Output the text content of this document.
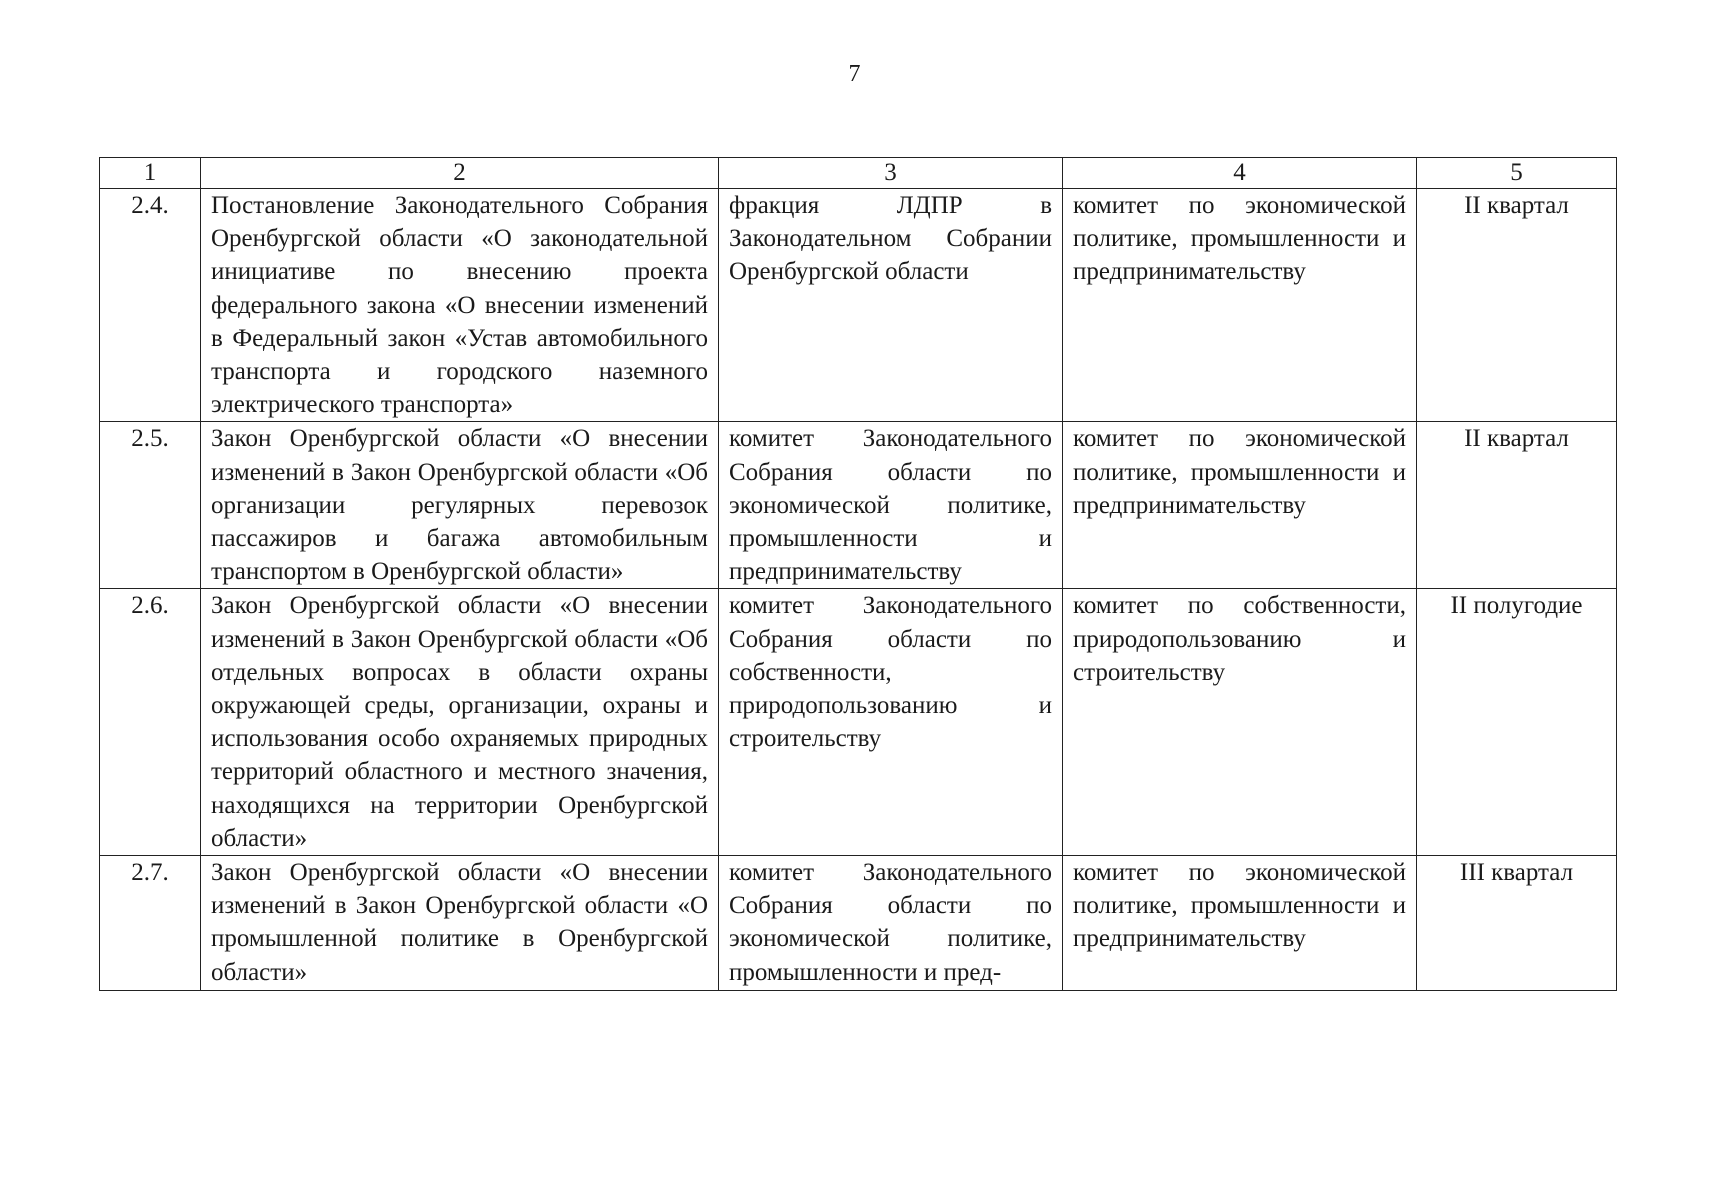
7
1	2	3	4	5
2.4.	Постановление Законодательного Собрания Оренбургской области «О законодательной инициативе по внесению проекта федерального закона «О внесении изменений в Федеральный закон «Устав автомобильного транспорта и городского наземного электрического транспорта»	фракция ЛДПР в Законодательном Собрании Оренбургской области	комитет по экономической политике, промышленности и предпринимательству	II квартал
2.5.	Закон Оренбургской области «О внесении изменений в Закон Оренбургской области «Об организации регулярных перевозок пассажиров и багажа автомобильным транспортом в Оренбургской области»	комитет Законодательного Собрания области по экономической политике, промышленности и предпринимательству	комитет по экономической политике, промышленности и предпринимательству	II квартал
2.6.	Закон Оренбургской области «О внесении изменений в Закон Оренбургской области «Об отдельных вопросах в области охраны окружающей среды, организации, охраны и использования особо охраняемых природных территорий областного и местного значения, находящихся на территории Оренбургской области»	комитет Законодательного Собрания области по собственности, природопользованию и строительству	комитет по собственности, природопользованию и строительству	II полугодие
2.7.	Закон Оренбургской области «О внесении изменений в Закон Оренбургской области «О промышленной политике в Оренбургской области»	комитет Законодательного Собрания области по экономической политике, промышленности и пред-	комитет по экономической политике, промышленности и предпринимательству	III квартал
